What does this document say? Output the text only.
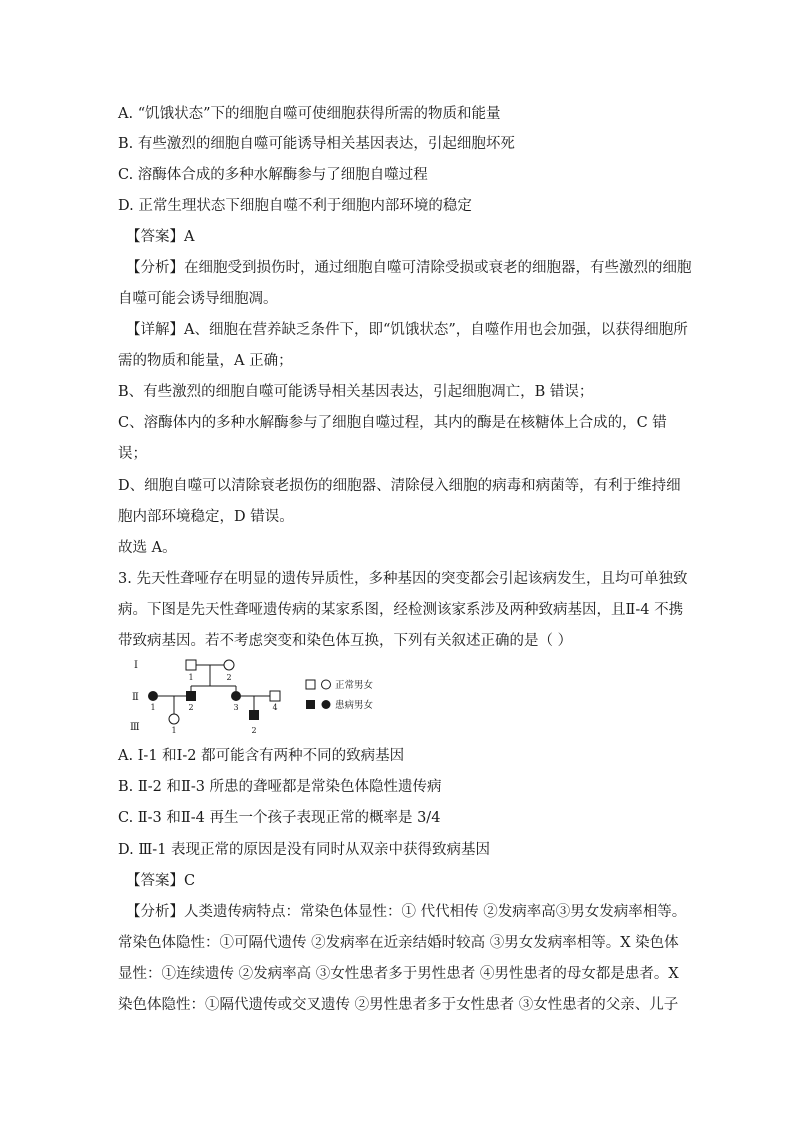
A. “饥饿状态”下的细胞自噬可使细胞获得所需的物质和能量
B. 有些激烈的细胞自噬可能诱导相关基因表达，引起细胞坏死
C. 溶酶体合成的多种水解酶参与了细胞自噬过程
D. 正常生理状态下细胞自噬不利于细胞内部环境的稳定
【答案】A
【分析】在细胞受到损伤时，通过细胞自噬可清除受损或衰老的细胞器，有些激烈的细胞
自噬可能会诱导细胞凋。
【详解】A、细胞在营养缺乏条件下，即“饥饿状态”，自噬作用也会加强，以获得细胞所
需的物质和能量，A 正确；
B、有些激烈的细胞自噬可能诱导相关基因表达，引起细胞凋亡，B 错误；
C、溶酶体内的多种水解酶参与了细胞自噬过程，其内的酶是在核糖体上合成的，C 错
误；
D、细胞自噬可以清除衰老损伤的细胞器、清除侵入细胞的病毒和病菌等，有利于维持细
胞内部环境稳定，D 错误。
故选 A。
3. 先天性聋哑存在明显的遗传异质性，多种基因的突变都会引起该病发生，且均可单独致
病。下图是先天性聋哑遗传病的某家系图，经检测该家系涉及两种致病基因，且Ⅱ-4 不携
带致病基因。若不考虑突变和染色体互换，下列有关叙述正确的是（ ）
Ⅰ
Ⅱ
Ⅲ
1	2
1	2	3	4
1	2
正常男女
患病男女
A. Ⅰ-1 和Ⅰ-2 都可能含有两种不同的致病基因
B. Ⅱ-2 和Ⅱ-3 所患的聋哑都是常染色体隐性遗传病
C. Ⅱ-3 和Ⅱ-4 再生一个孩子表现正常的概率是 3/4
D. Ⅲ-1 表现正常的原因是没有同时从双亲中获得致病基因
【答案】C
【分析】人类遗传病特点：常染色体显性：① 代代相传 ②发病率高③男女发病率相等。
常染色体隐性：①可隔代遗传 ②发病率在近亲结婚时较高 ③男女发病率相等。X 染色体
显性：①连续遗传 ②发病率高 ③女性患者多于男性患者 ④男性患者的母女都是患者。X
染色体隐性：①隔代遗传或交叉遗传 ②男性患者多于女性患者 ③女性患者的父亲、儿子
